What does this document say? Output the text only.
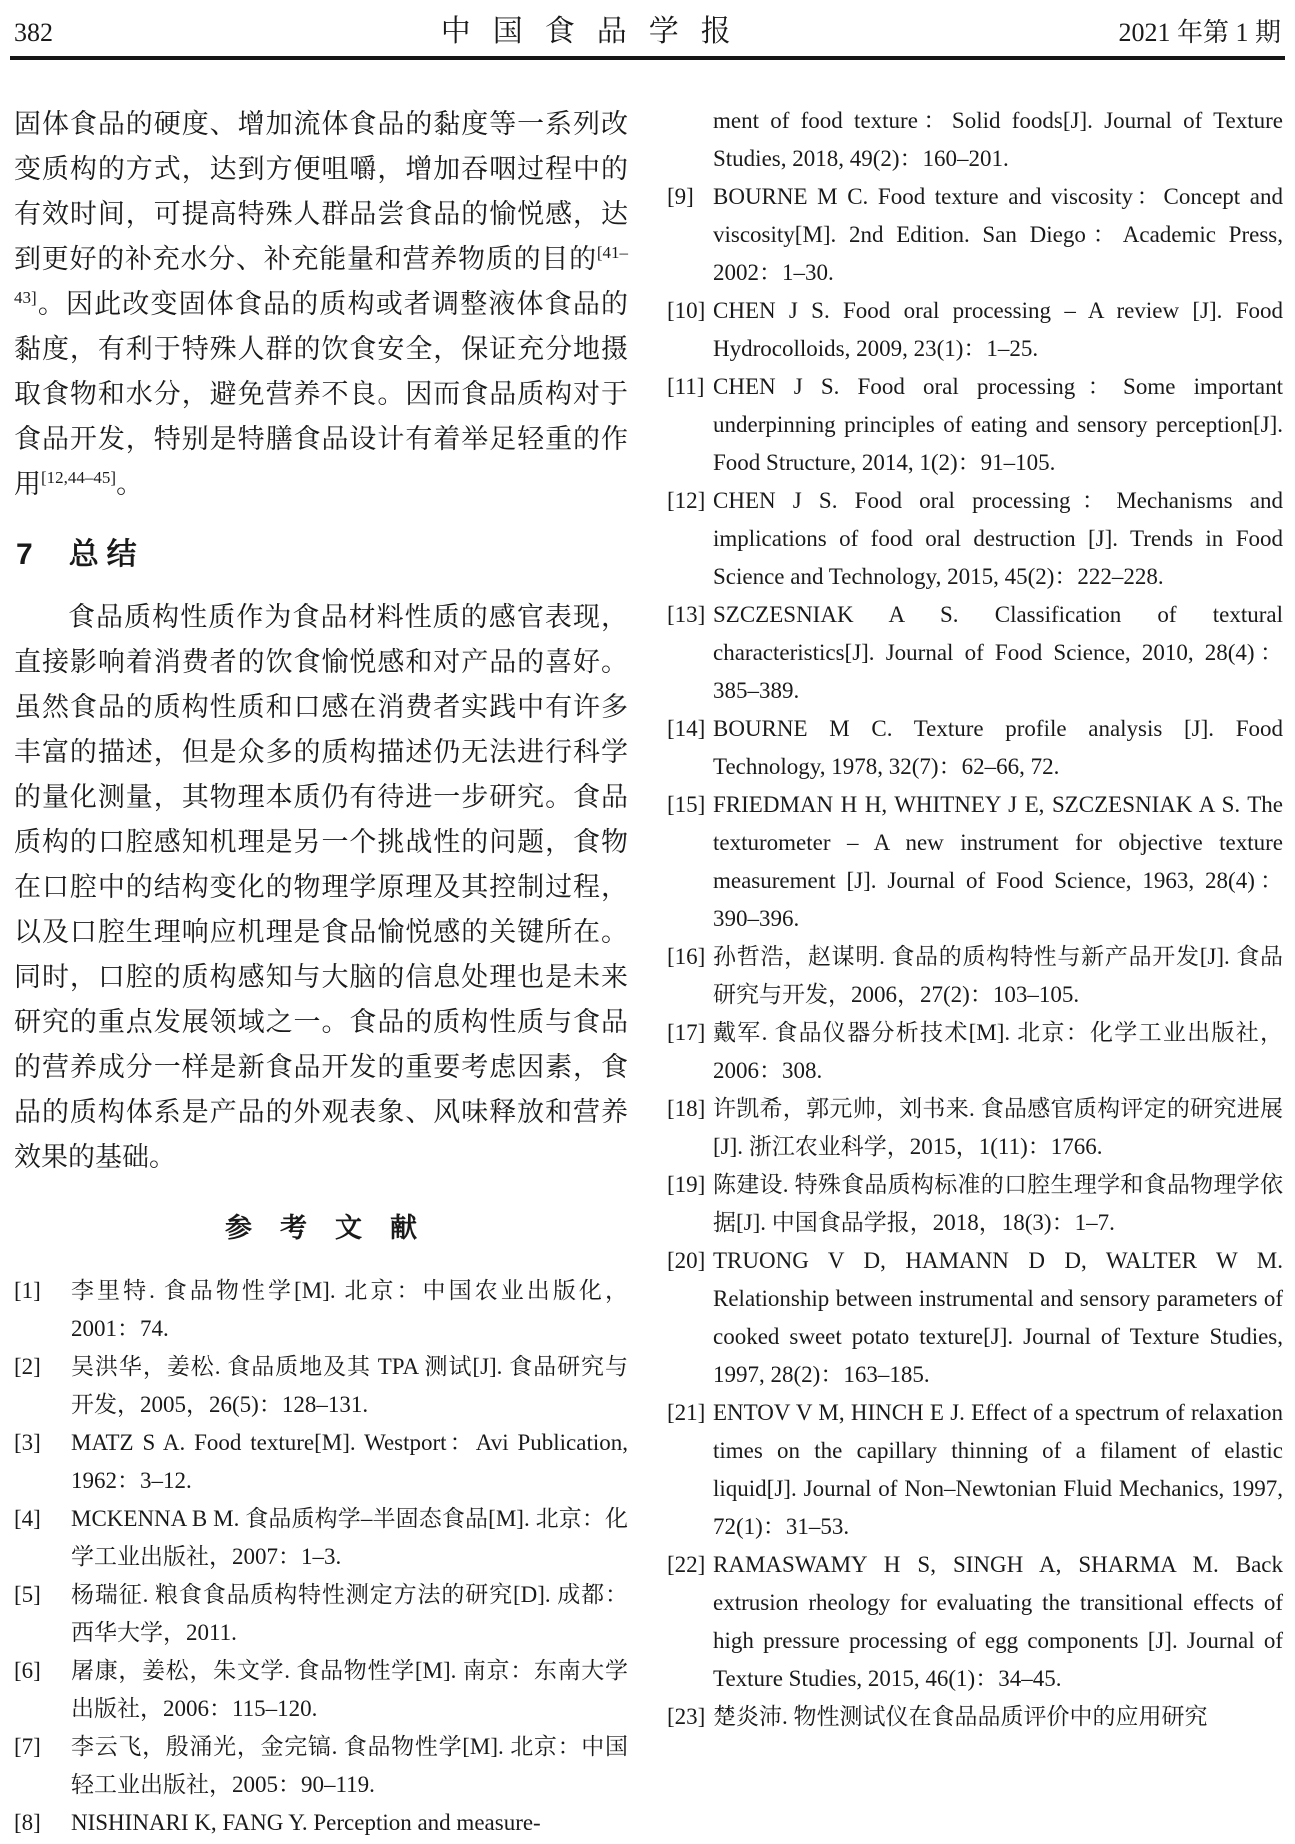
382	中国食品学报	2021 年第 1 期

固体食品的硬度、增加流体食品的黏度等一系列改变质构的方式，达到方便咀嚼，增加吞咽过程中的有效时间，可提高特殊人群品尝食品的愉悦感，达到更好的补充水分、补充能量和营养物质的目的[41–43]。因此改变固体食品的质构或者调整液体食品的黏度，有利于特殊人群的饮食安全，保证充分地摄取食物和水分，避免营养不良。因而食品质构对于食品开发，特别是特膳食品设计有着举足轻重的作用[12,44–45]。

7 总结

食品质构性质作为食品材料性质的感官表现，直接影响着消费者的饮食愉悦感和对产品的喜好。虽然食品的质构性质和口感在消费者实践中有许多丰富的描述，但是众多的质构描述仍无法进行科学的量化测量，其物理本质仍有待进一步研究。食品质构的口腔感知机理是另一个挑战性的问题，食物在口腔中的结构变化的物理学原理及其控制过程，以及口腔生理响应机理是食品愉悦感的关键所在。同时，口腔的质构感知与大脑的信息处理也是未来研究的重点发展领域之一。食品的质构性质与食品的营养成分一样是新食品开发的重要考虑因素，食品的质构体系是产品的外观表象、风味释放和营养效果的基础。

参考文献
[1]	李里特. 食品物性学[M]. 北京：中国农业出版化，2001：74.
[2]	吴洪华，姜松. 食品质地及其 TPA 测试[J]. 食品研究与开发，2005，26(5)：128–131.
[3]	MATZ S A. Food texture[M]. Westport：Avi Publication, 1962：3–12.
[4]	MCKENNA B M. 食品质构学–半固态食品[M]. 北京：化学工业出版社，2007：1–3.
[5]	杨瑞征. 粮食食品质构特性测定方法的研究[D]. 成都：西华大学，2011.
[6]	屠康，姜松，朱文学. 食品物性学[M]. 南京：东南大学出版社，2006：115–120.
[7]	李云飞，殷涌光，金完镐. 食品物性学[M]. 北京：中国轻工业出版社，2005：90–119.
[8]	NISHINARI K, FANG Y. Perception and measure-
ment of food texture：Solid foods[J]. Journal of Texture Studies, 2018, 49(2)：160–201.
[9] BOURNE M C. Food texture and viscosity：Concept and viscosity[M]. 2nd Edition. San Diego：Academic Press, 2002：1–30.
[10] CHEN J S. Food oral processing – A review [J]. Food Hydrocolloids, 2009, 23(1)：1–25.
[11] CHEN J S. Food oral processing：Some important underpinning principles of eating and sensory perception[J]. Food Structure, 2014, 1(2)：91–105.
[12] CHEN J S. Food oral processing：Mechanisms and implications of food oral destruction [J]. Trends in Food Science and Technology, 2015, 45(2)：222–228.
[13] SZCZESNIAK A S. Classification of textural characteristics[J]. Journal of Food Science, 2010, 28(4)：385–389.
[14] BOURNE M C. Texture profile analysis [J]. Food Technology, 1978, 32(7)：62–66, 72.
[15] FRIEDMAN H H, WHITNEY J E, SZCZESNIAK A S. The texturometer – A new instrument for objective texture measurement [J]. Journal of Food Science, 1963, 28(4)：390–396.
[16] 孙哲浩，赵谋明. 食品的质构特性与新产品开发[J]. 食品研究与开发，2006，27(2)：103–105.
[17] 戴军. 食品仪器分析技术[M]. 北京：化学工业出版社，2006：308.
[18] 许凯希，郭元帅，刘书来. 食品感官质构评定的研究进展[J]. 浙江农业科学，2015，1(11)：1766.
[19] 陈建设. 特殊食品质构标准的口腔生理学和食品物理学依据[J]. 中国食品学报，2018，18(3)：1–7.
[20] TRUONG V D, HAMANN D D, WALTER W M. Relationship between instrumental and sensory parameters of cooked sweet potato texture[J]. Journal of Texture Studies, 1997, 28(2)：163–185.
[21] ENTOV V M, HINCH E J. Effect of a spectrum of relaxation times on the capillary thinning of a filament of elastic liquid[J]. Journal of Non–Newtonian Fluid Mechanics, 1997, 72(1)：31–53.
[22] RAMASWAMY H S, SINGH A, SHARMA M. Back extrusion rheology for evaluating the transitional effects of high pressure processing of egg components [J]. Journal of Texture Studies, 2015, 46(1)：34–45.
[23] 楚炎沛. 物性测试仪在食品品质评价中的应用研究
